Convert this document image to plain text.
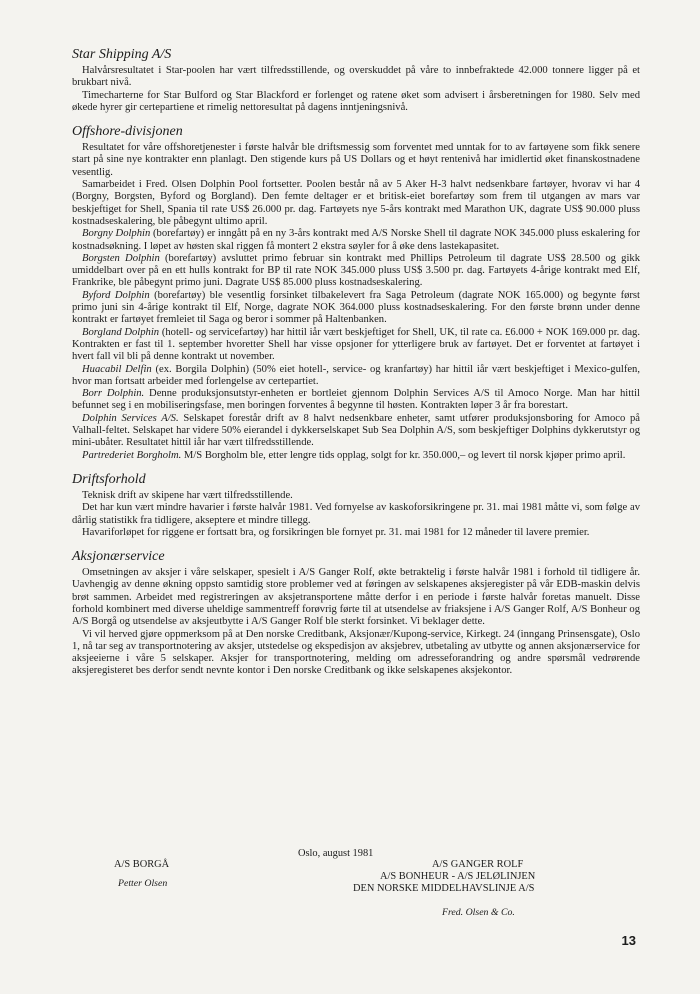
Star Shipping A/S

Halvårsresultatet i Star-poolen har vært tilfredsstillende, og overskuddet på våre to innbefraktede 42.000 tonnere ligger på et brukbart nivå.

Timecharterne for Star Bulford og Star Blackford er forlenget og ratene øket som advisert i årsberetningen for 1980. Selv med økede hyrer gir certepartiene et rimelig nettoresultat på dagens inntjeningsnivå.

Offshore-divisjonen

Resultatet for våre offshoretjenester i første halvår ble driftsmessig som forventet med unntak for to av fartøyene som fikk senere start på sine nye kontrakter enn planlagt. Den stigende kurs på US Dollars og et høyt rentenivå har imidlertid øket finanskostnadene vesentlig.

Samarbeidet i Fred. Olsen Dolphin Pool fortsetter. Poolen består nå av 5 Aker H-3 halvt nedsenkbare fartøyer, hvorav vi har 4 (Borgny, Borgsten, Byford og Borgland). Den femte deltager er et britisk-eiet borefartøy som frem til utgangen av mars var beskjeftiget for Shell, Spania til rate US$ 26.000 pr. dag. Fartøyets nye 5-års kontrakt med Marathon UK, dagrate US$ 90.000 pluss kostnadseskalering, ble påbegynt ultimo april.

Borgny Dolphin (borefartøy) er inngått på en ny 3-års kontrakt med A/S Norske Shell til dagrate NOK 345.000 pluss eskalering for kostnadsøkning. I løpet av høsten skal riggen få montert 2 ekstra søyler for å øke dens lastekapasitet.

Borgsten Dolphin (borefartøy) avsluttet primo februar sin kontrakt med Phillips Petroleum til dagrate US$ 28.500 og gikk umiddelbart over på en ett hulls kontrakt for BP til rate NOK 345.000 pluss US$ 3.500 pr. dag. Fartøyets 4-årige kontrakt med Elf, Frankrike, ble påbegynt primo juni. Dagrate US$ 85.000 pluss kostnadseskalering.

Byford Dolphin (borefartøy) ble vesentlig forsinket tilbakelevert fra Saga Petroleum (dagrate NOK 165.000) og begynte først primo juni sin 4-årige kontrakt til Elf, Norge, dagrate NOK 364.000 pluss kostnadseskalering. For den første brønn under denne kontrakt er fartøyet fremleiet til Saga og beror i sommer på Haltenbanken.

Borgland Dolphin (hotell- og servicefartøy) har hittil iår vært beskjeftiget for Shell, UK, til rate ca. £6.000 + NOK 169.000 pr. dag. Kontrakten er fast til 1. september hvoretter Shell har visse opsjoner for ytterligere bruk av fartøyet. Det er forventet at fartøyet i hvert fall vil bli på denne kontrakt ut november.

Huacabil Delfin (ex. Borgila Dolphin) (50% eiet hotell-, service- og kranfartøy) har hittil iår vært beskjeftiget i Mexico-gulfen, hvor man fortsatt arbeider med forlengelse av certepartiet.

Borr Dolphin. Denne produksjonsutstyr-enheten er bortleiet gjennom Dolphin Services A/S til Amoco Norge. Man har hittil befunnet seg i en mobiliseringsfase, men boringen forventes å begynne til høsten. Kontrakten løper 3 år fra borestart.

Dolphin Services A/S. Selskapet forestår drift av 8 halvt nedsenkbare enheter, samt utfører produksjonsboring for Amoco på Valhall-feltet. Selskapet har videre 50% eierandel i dykkerselskapet Sub Sea Dolphin A/S, som beskjeftiger Dolphins dykkerutstyr og mini-ubåter. Resultatet hittil iår har vært tilfredsstillende.

Partrederiet Borgholm. M/S Borgholm ble, etter lengre tids opplag, solgt for kr. 350.000,– og levert til norsk kjøper primo april.

Driftsforhold

Teknisk drift av skipene har vært tilfredsstillende.

Det har kun vært mindre havarier i første halvår 1981. Ved fornyelse av kaskoforsikringene pr. 31. mai 1981 måtte vi, som følge av dårlig statistikk fra tidligere, akseptere et mindre tillegg.

Havariforløpet for riggene er fortsatt bra, og forsikringen ble fornyet pr. 31. mai 1981 for 12 måneder til lavere premier.

Aksjonærservice

Omsetningen av aksjer i våre selskaper, spesielt i A/S Ganger Rolf, økte betraktelig i første halvår 1981 i forhold til tidligere år. Uavhengig av denne økning oppsto samtidig store problemer ved at føringen av selskapenes aksjeregister på vår EDB-maskin delvis brøt sammen. Arbeidet med registreringen av aksjetransportene måtte derfor i en periode i første halvår foretas manuelt. Disse forhold kombinert med diverse uheldige sammentreff forøvrig førte til at utsendelse av friaksjene i A/S Ganger Rolf, A/S Bonheur og A/S Borgå og utsendelse av aksjeutbytte i A/S Ganger Rolf ble sterkt forsinket. Vi beklager dette.

Vi vil herved gjøre oppmerksom på at Den norske Creditbank, Aksjonær/Kupong-service, Kirkegt. 24 (inngang Prinsensgate), Oslo 1, nå tar seg av transportnotering av aksjer, utstedelse og ekspedisjon av aksjebrev, utbetaling av utbytte og annen aksjonærservice for aksjeeierne i våre 5 selskaper. Aksjer for transportnotering, melding om adresseforandring og andre spørsmål vedrørende aksjeregisteret bes derfor sendt nevnte kontor i Den norske Creditbank og ikke selskapenes aksjekontor.

Oslo, august 1981
A/S BORGÅ
Petter Olsen
A/S GANGER ROLF
A/S BONHEUR - A/S JELØLINJEN
DEN NORSKE MIDDELHAVSLINJE A/S
Fred. Olsen & Co.
13
